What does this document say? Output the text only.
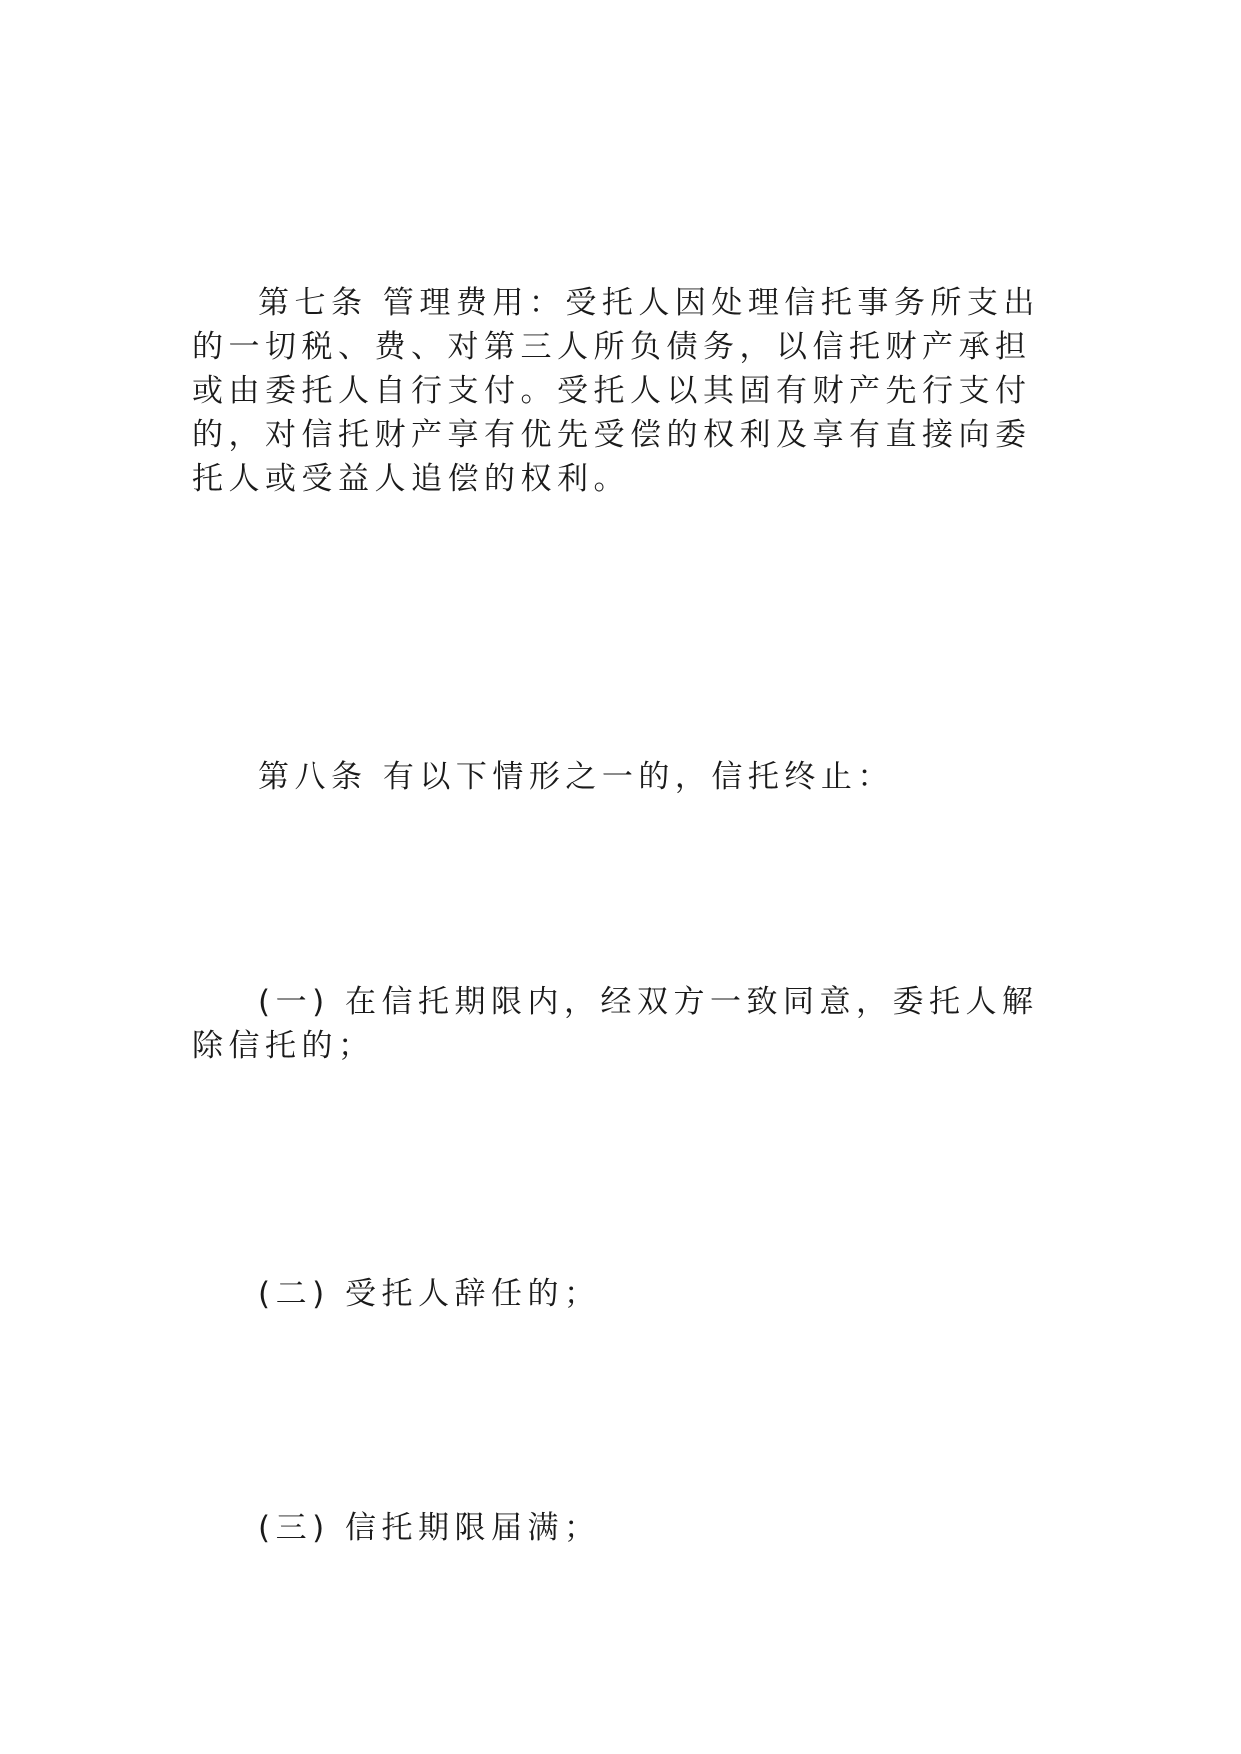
第七条 管理费用：受托人因处理信托事务所支出的一切税、费、对第三人所负债务，以信托财产承担或由委托人自行支付。受托人以其固有财产先行支付的，对信托财产享有优先受偿的权利及享有直接向委托人或受益人追偿的权利。

第八条 有以下情形之一的，信托终止：

(一) 在信托期限内，经双方一致同意，委托人解除信托的；

(二) 受托人辞任的；

(三) 信托期限届满；
